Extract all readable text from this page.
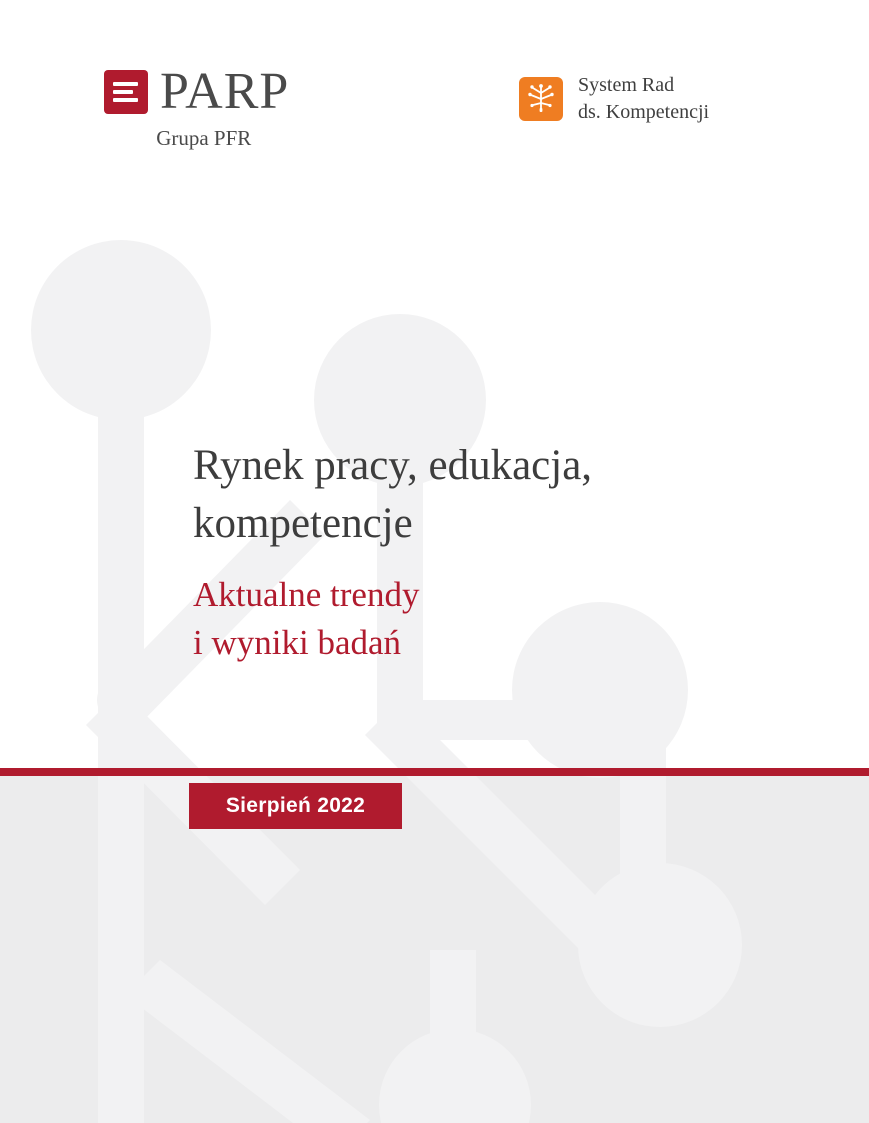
PARP
Grupa PFR
System Rad
ds. Kompetencji
Rynek pracy, edukacja,
kompetencje
Aktualne trendy
i wyniki badań
Sierpień 2022
